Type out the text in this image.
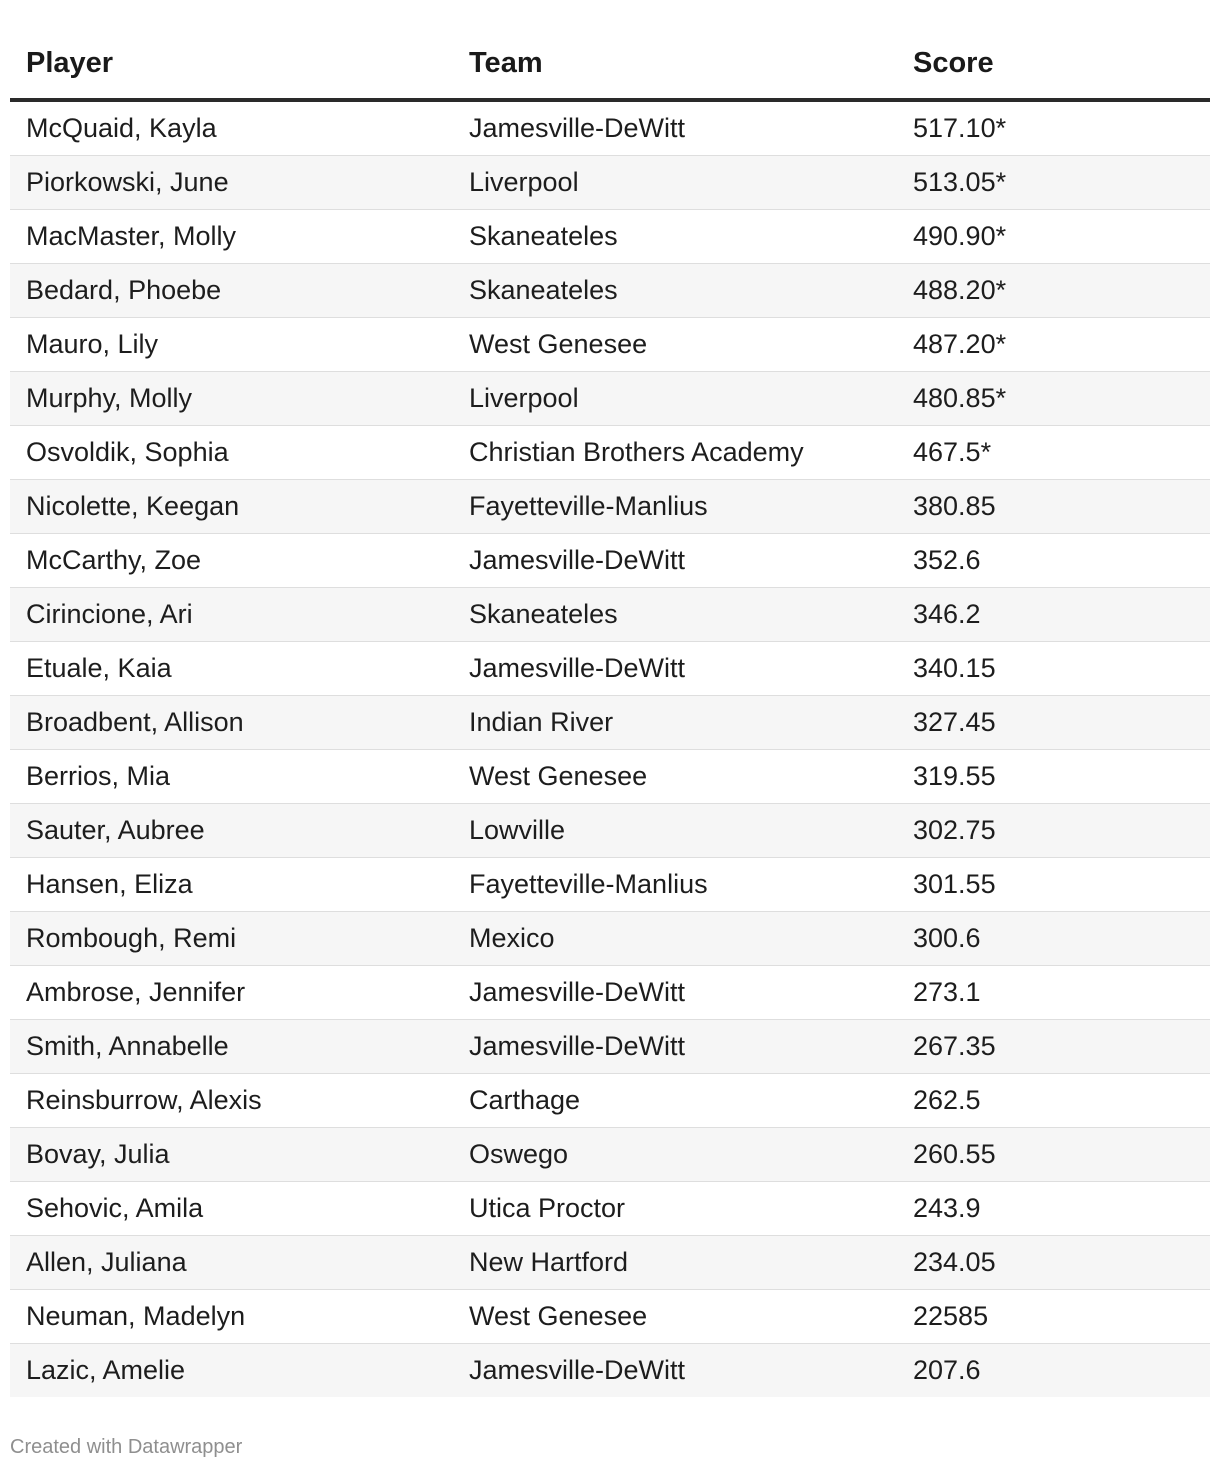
Player	Team	Score
McQuaid, Kayla	Jamesville-DeWitt	517.10*
Piorkowski, June	Liverpool	513.05*
MacMaster, Molly	Skaneateles	490.90*
Bedard, Phoebe	Skaneateles	488.20*
Mauro, Lily	West Genesee	487.20*
Murphy, Molly	Liverpool	480.85*
Osvoldik, Sophia	Christian Brothers Academy	467.5*
Nicolette, Keegan	Fayetteville-Manlius	380.85
McCarthy, Zoe	Jamesville-DeWitt	352.6
Cirincione, Ari	Skaneateles	346.2
Etuale, Kaia	Jamesville-DeWitt	340.15
Broadbent, Allison	Indian River	327.45
Berrios, Mia	West Genesee	319.55
Sauter, Aubree	Lowville	302.75
Hansen, Eliza	Fayetteville-Manlius	301.55
Rombough, Remi	Mexico	300.6
Ambrose, Jennifer	Jamesville-DeWitt	273.1
Smith, Annabelle	Jamesville-DeWitt	267.35
Reinsburrow, Alexis	Carthage	262.5
Bovay, Julia	Oswego	260.55
Sehovic, Amila	Utica Proctor	243.9
Allen, Juliana	New Hartford	234.05
Neuman, Madelyn	West Genesee	22585
Lazic, Amelie	Jamesville-DeWitt	207.6
Created with Datawrapper
